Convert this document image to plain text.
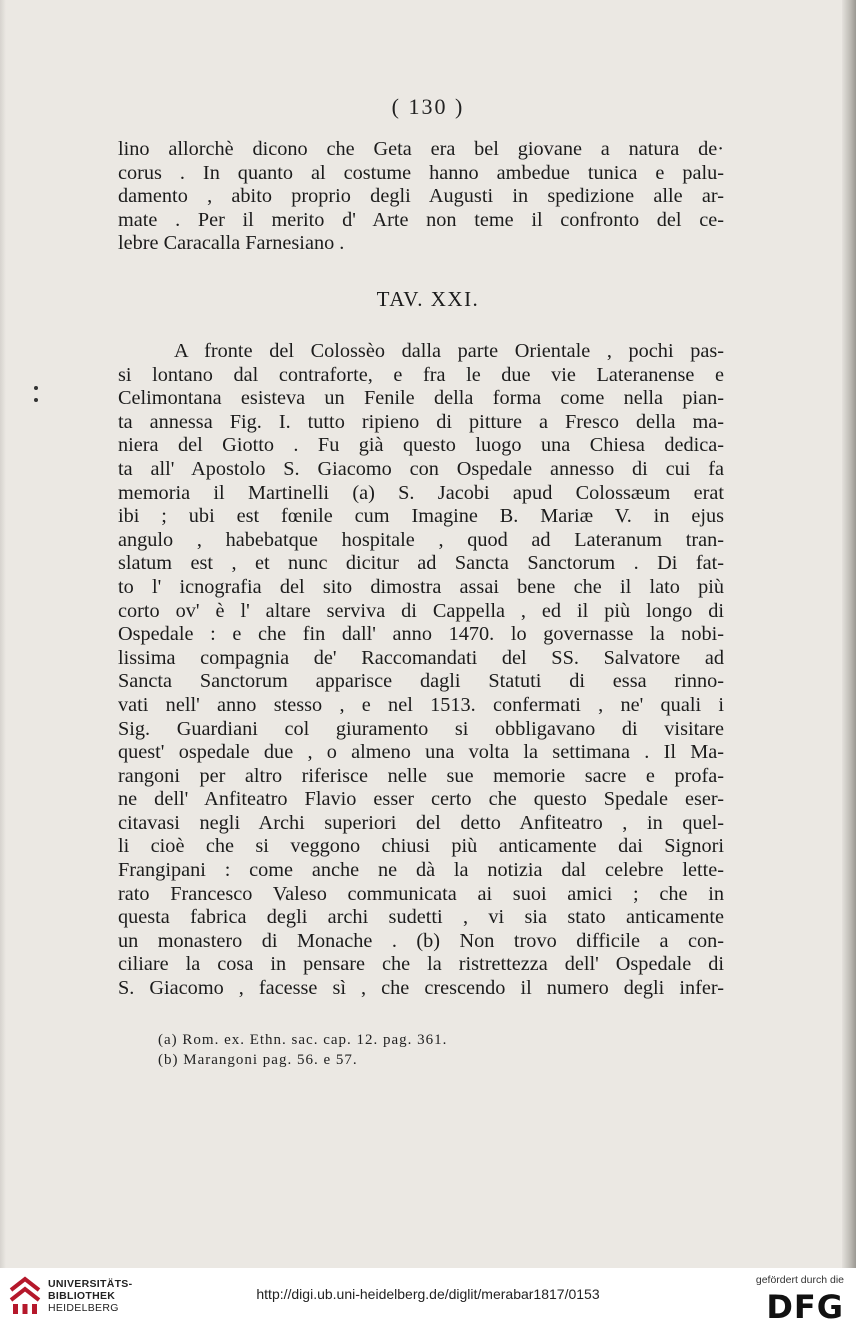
( 130 )
lino allorchè dicono che Geta era bel giovane a natura de·
corus . In quanto al costume hanno ambedue tunica e palu-
damento , abito proprio degli Augusti in spedizione alle ar-
mate . Per il merito d' Arte non teme il confronto del ce-
lebre Caracalla Farnesiano .
TAV. XXI.
A fronte del Colossèo dalla parte Orientale , pochi pas-
si lontano dal contraforte, e fra le due vie Lateranense e
Celimontana esisteva un Fenile della forma come nella pian-
ta annessa Fig. I. tutto ripieno di pitture a Fresco della ma-
niera del Giotto . Fu già questo luogo una Chiesa dedica-
ta all' Apostolo S. Giacomo con Ospedale annesso di cui fa
memoria il Martinelli (a) S. Jacobi apud Colossæum erat
ibi ; ubi est fœnile cum Imagine B. Mariæ V. in ejus
angulo , habebatque hospitale , quod ad Lateranum tran-
slatum est , et nunc dicitur ad Sancta Sanctorum . Di fat-
to l' icnografia del sito dimostra assai bene che il lato più
corto ov' è l' altare serviva di Cappella , ed il più longo di
Ospedale : e che fin dall' anno 1470. lo governasse la nobi-
lissima compagnia de' Raccomandati del SS. Salvatore ad
Sancta Sanctorum apparisce dagli Statuti di essa rinno-
vati nell' anno stesso , e nel 1513. confermati , ne' quali i
Sig. Guardiani col giuramento si obbligavano di visitare
quest' ospedale due , o almeno una volta la settimana . Il Ma-
rangoni per altro riferisce nelle sue memorie sacre e profa-
ne dell' Anfiteatro Flavio esser certo che questo Spedale eser-
citavasi negli Archi superiori del detto Anfiteatro , in quel-
li cioè che si veggono chiusi più anticamente dai Signori
Frangipani : come anche ne dà la notizia dal celebre lette-
rato Francesco Valeso communicata ai suoi amici ; che in
questa fabrica degli archi sudetti , vi sia stato anticamente
un monastero di Monache . (b) Non trovo difficile a con-
ciliare la cosa in pensare che la ristrettezza dell' Ospedale di
S. Giacomo , facesse sì , che crescendo il numero degli infer-
(a) Rom. ex. Ethn. sac. cap. 12. pag. 361.
(b) Marangoni pag. 56. e 57.
UNIVERSITÄTS-
BIBLIOTHEK
HEIDELBERG
http://digi.ub.uni-heidelberg.de/diglit/merabar1817/0153
gefördert durch die
DFG
